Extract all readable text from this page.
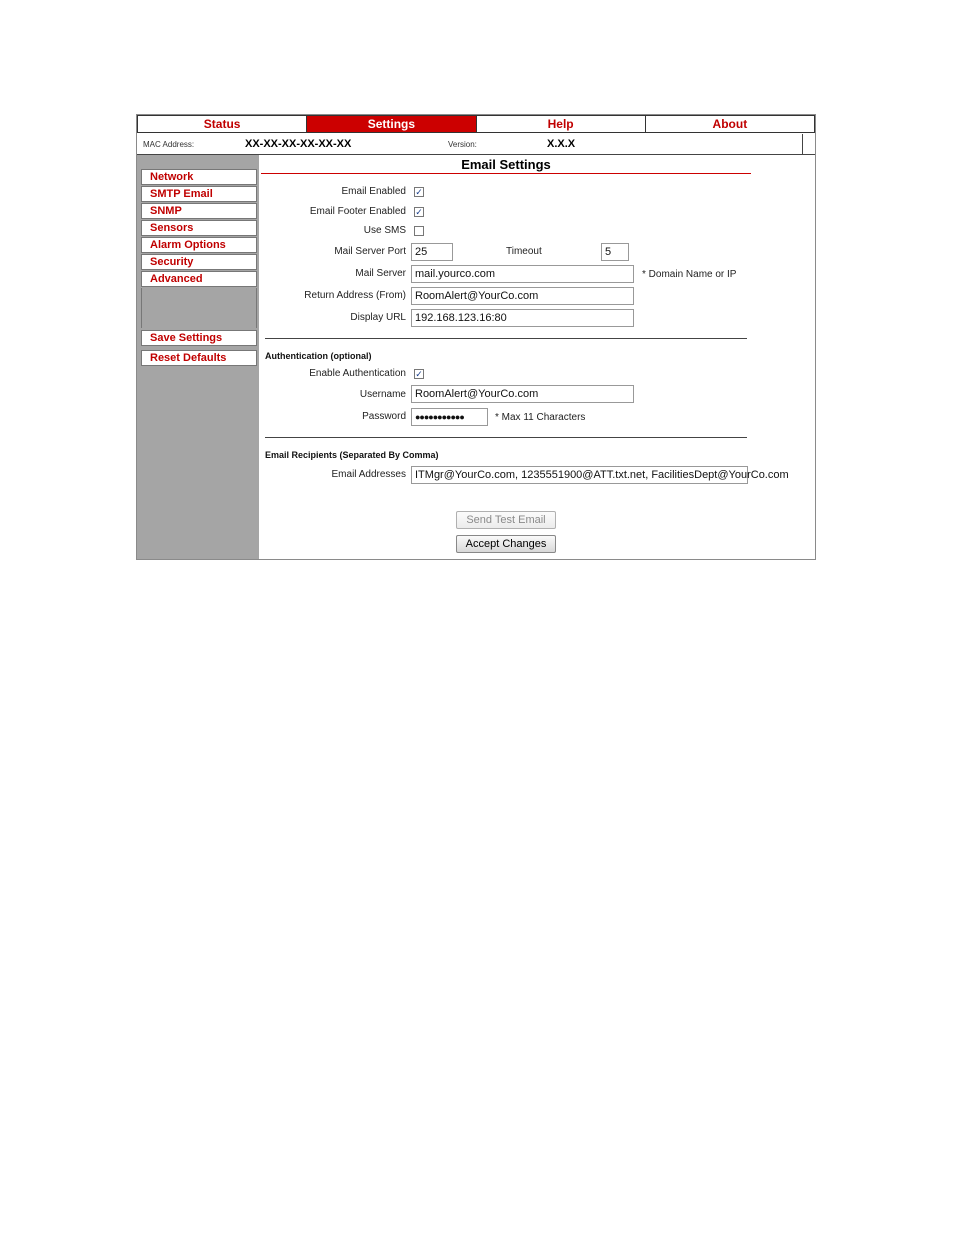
Status	Settings	Help	About
MAC Address:	XX-XX-XX-XX-XX-XX	Version:	X.X.X
Network
SMTP Email
SNMP
Sensors
Alarm Options
Security
Advanced
Save Settings
Reset Defaults
Email Settings
Email Enabled ✓
Email Footer Enabled ✓
Use SMS
Mail Server Port 25	Timeout	5
Mail Server mail.yourco.com	* Domain Name or IP
Return Address (From) RoomAlert@YourCo.com
Display URL 192.168.123.16:80
Authentication (optional)
Enable Authentication ✓
Username RoomAlert@YourCo.com
Password	●●●●●●●●●●●	* Max 11 Characters
Email Recipients (Separated By Comma)
Email Addresses ITMgr@YourCo.com, 1235551900@ATT.txt.net, FacilitiesDept@YourCo.com
Send Test Email
Accept Changes
